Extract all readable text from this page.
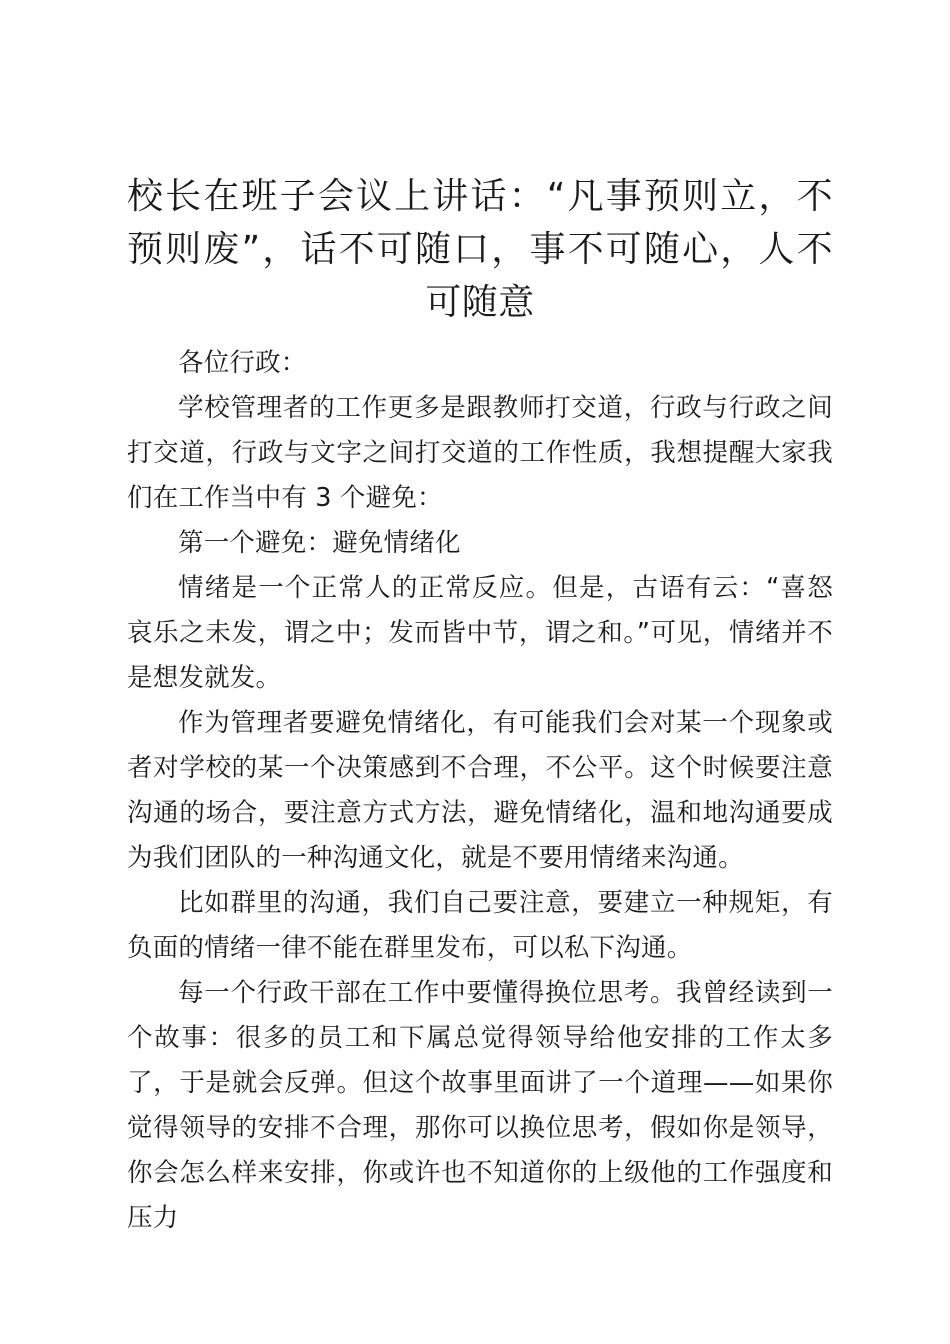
校长在班子会议上讲话：“凡事预则立，不预则废”，话不可随口，事不可随心，人不可随意

各位行政：

学校管理者的工作更多是跟教师打交道，行政与行政之间打交道，行政与文字之间打交道的工作性质，我想提醒大家我们在工作当中有 3 个避免：

第一个避免：避免情绪化

情绪是一个正常人的正常反应。但是，古语有云：“喜怒哀乐之未发，谓之中；发而皆中节，谓之和。”可见，情绪并不是想发就发。

作为管理者要避免情绪化，有可能我们会对某一个现象或者对学校的某一个决策感到不合理，不公平。这个时候要注意沟通的场合，要注意方式方法，避免情绪化，温和地沟通要成为我们团队的一种沟通文化，就是不要用情绪来沟通。

比如群里的沟通，我们自己要注意，要建立一种规矩，有负面的情绪一律不能在群里发布，可以私下沟通。

每一个行政干部在工作中要懂得换位思考。我曾经读到一个故事：很多的员工和下属总觉得领导给他安排的工作太多了，于是就会反弹。但这个故事里面讲了一个道理——如果你觉得领导的安排不合理，那你可以换位思考，假如你是领导，你会怎么样来安排，你或许也不知道你的上级他的工作强度和压力
